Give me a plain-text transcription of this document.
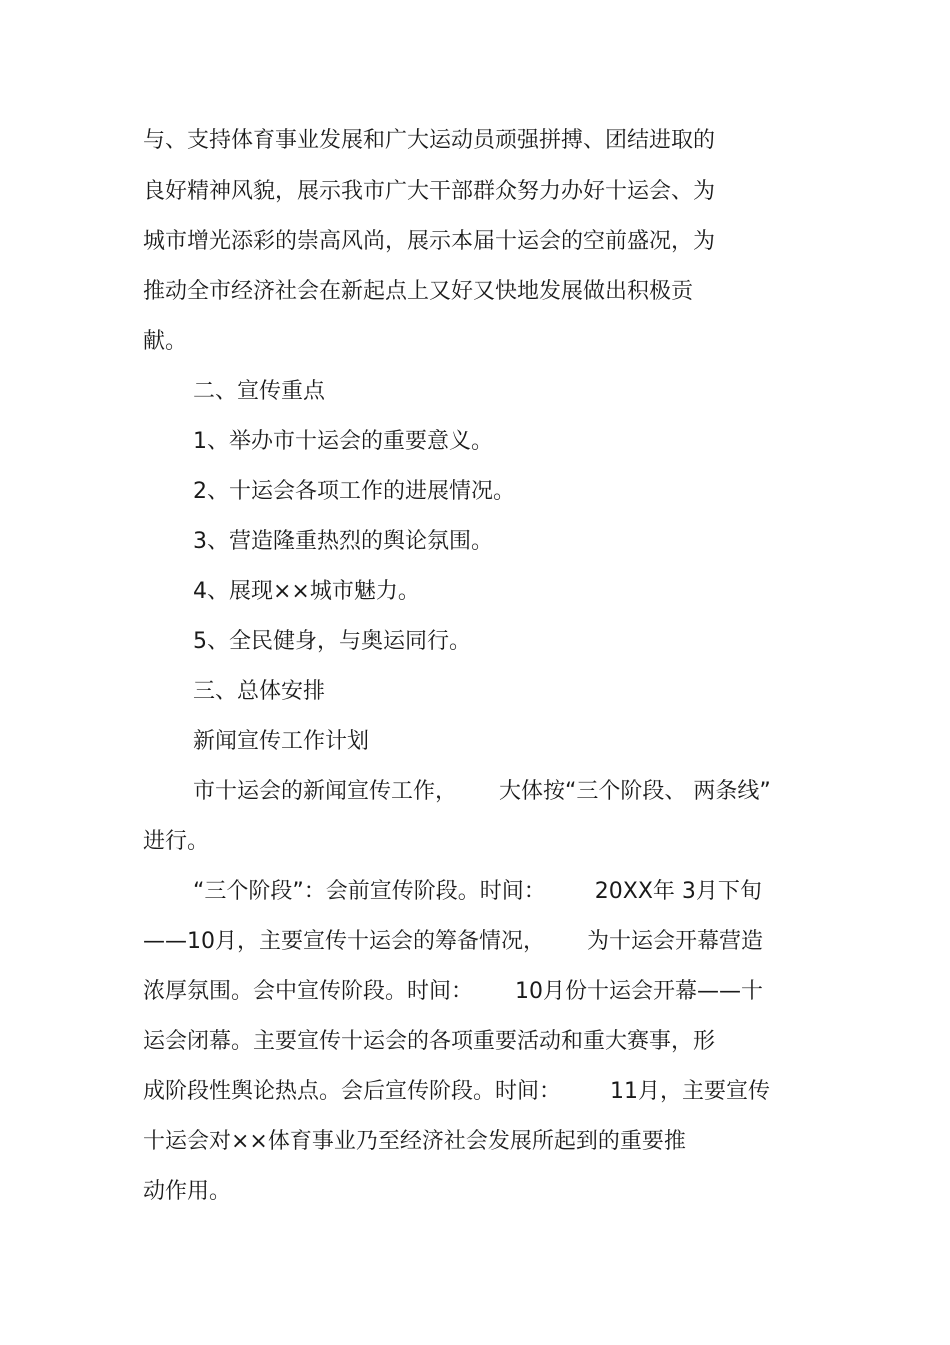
与、支持体育事业发展和广大运动员顽强拼搏、团结进取的
良好精神风貌，展示我市广大干部群众努力办好十运会、为
城市增光添彩的崇高风尚，展示本届十运会的空前盛况，为
推动全市经济社会在新起点上又好又快地发展做出积极贡
献。
二、宣传重点
1、举办市十运会的重要意义。
2、十运会各项工作的进展情况。
3、营造隆重热烈的舆论氛围。
4、展现××城市魅力。
5、全民健身，与奥运同行。
三、总体安排
新闻宣传工作计划
市十运会的新闻宣传工作，      大体按“三个阶段、 两条线”
进行。
“三个阶段”：会前宣传阶段。时间：       20XX年 3月下旬
——10月，主要宣传十运会的筹备情况，      为十运会开幕营造
浓厚氛围。会中宣传阶段。时间：      10月份十运会开幕——十
运会闭幕。主要宣传十运会的各项重要活动和重大赛事，形
成阶段性舆论热点。会后宣传阶段。时间：       11月，主要宣传
十运会对××体育事业乃至经济社会发展所起到的重要推
动作用。
